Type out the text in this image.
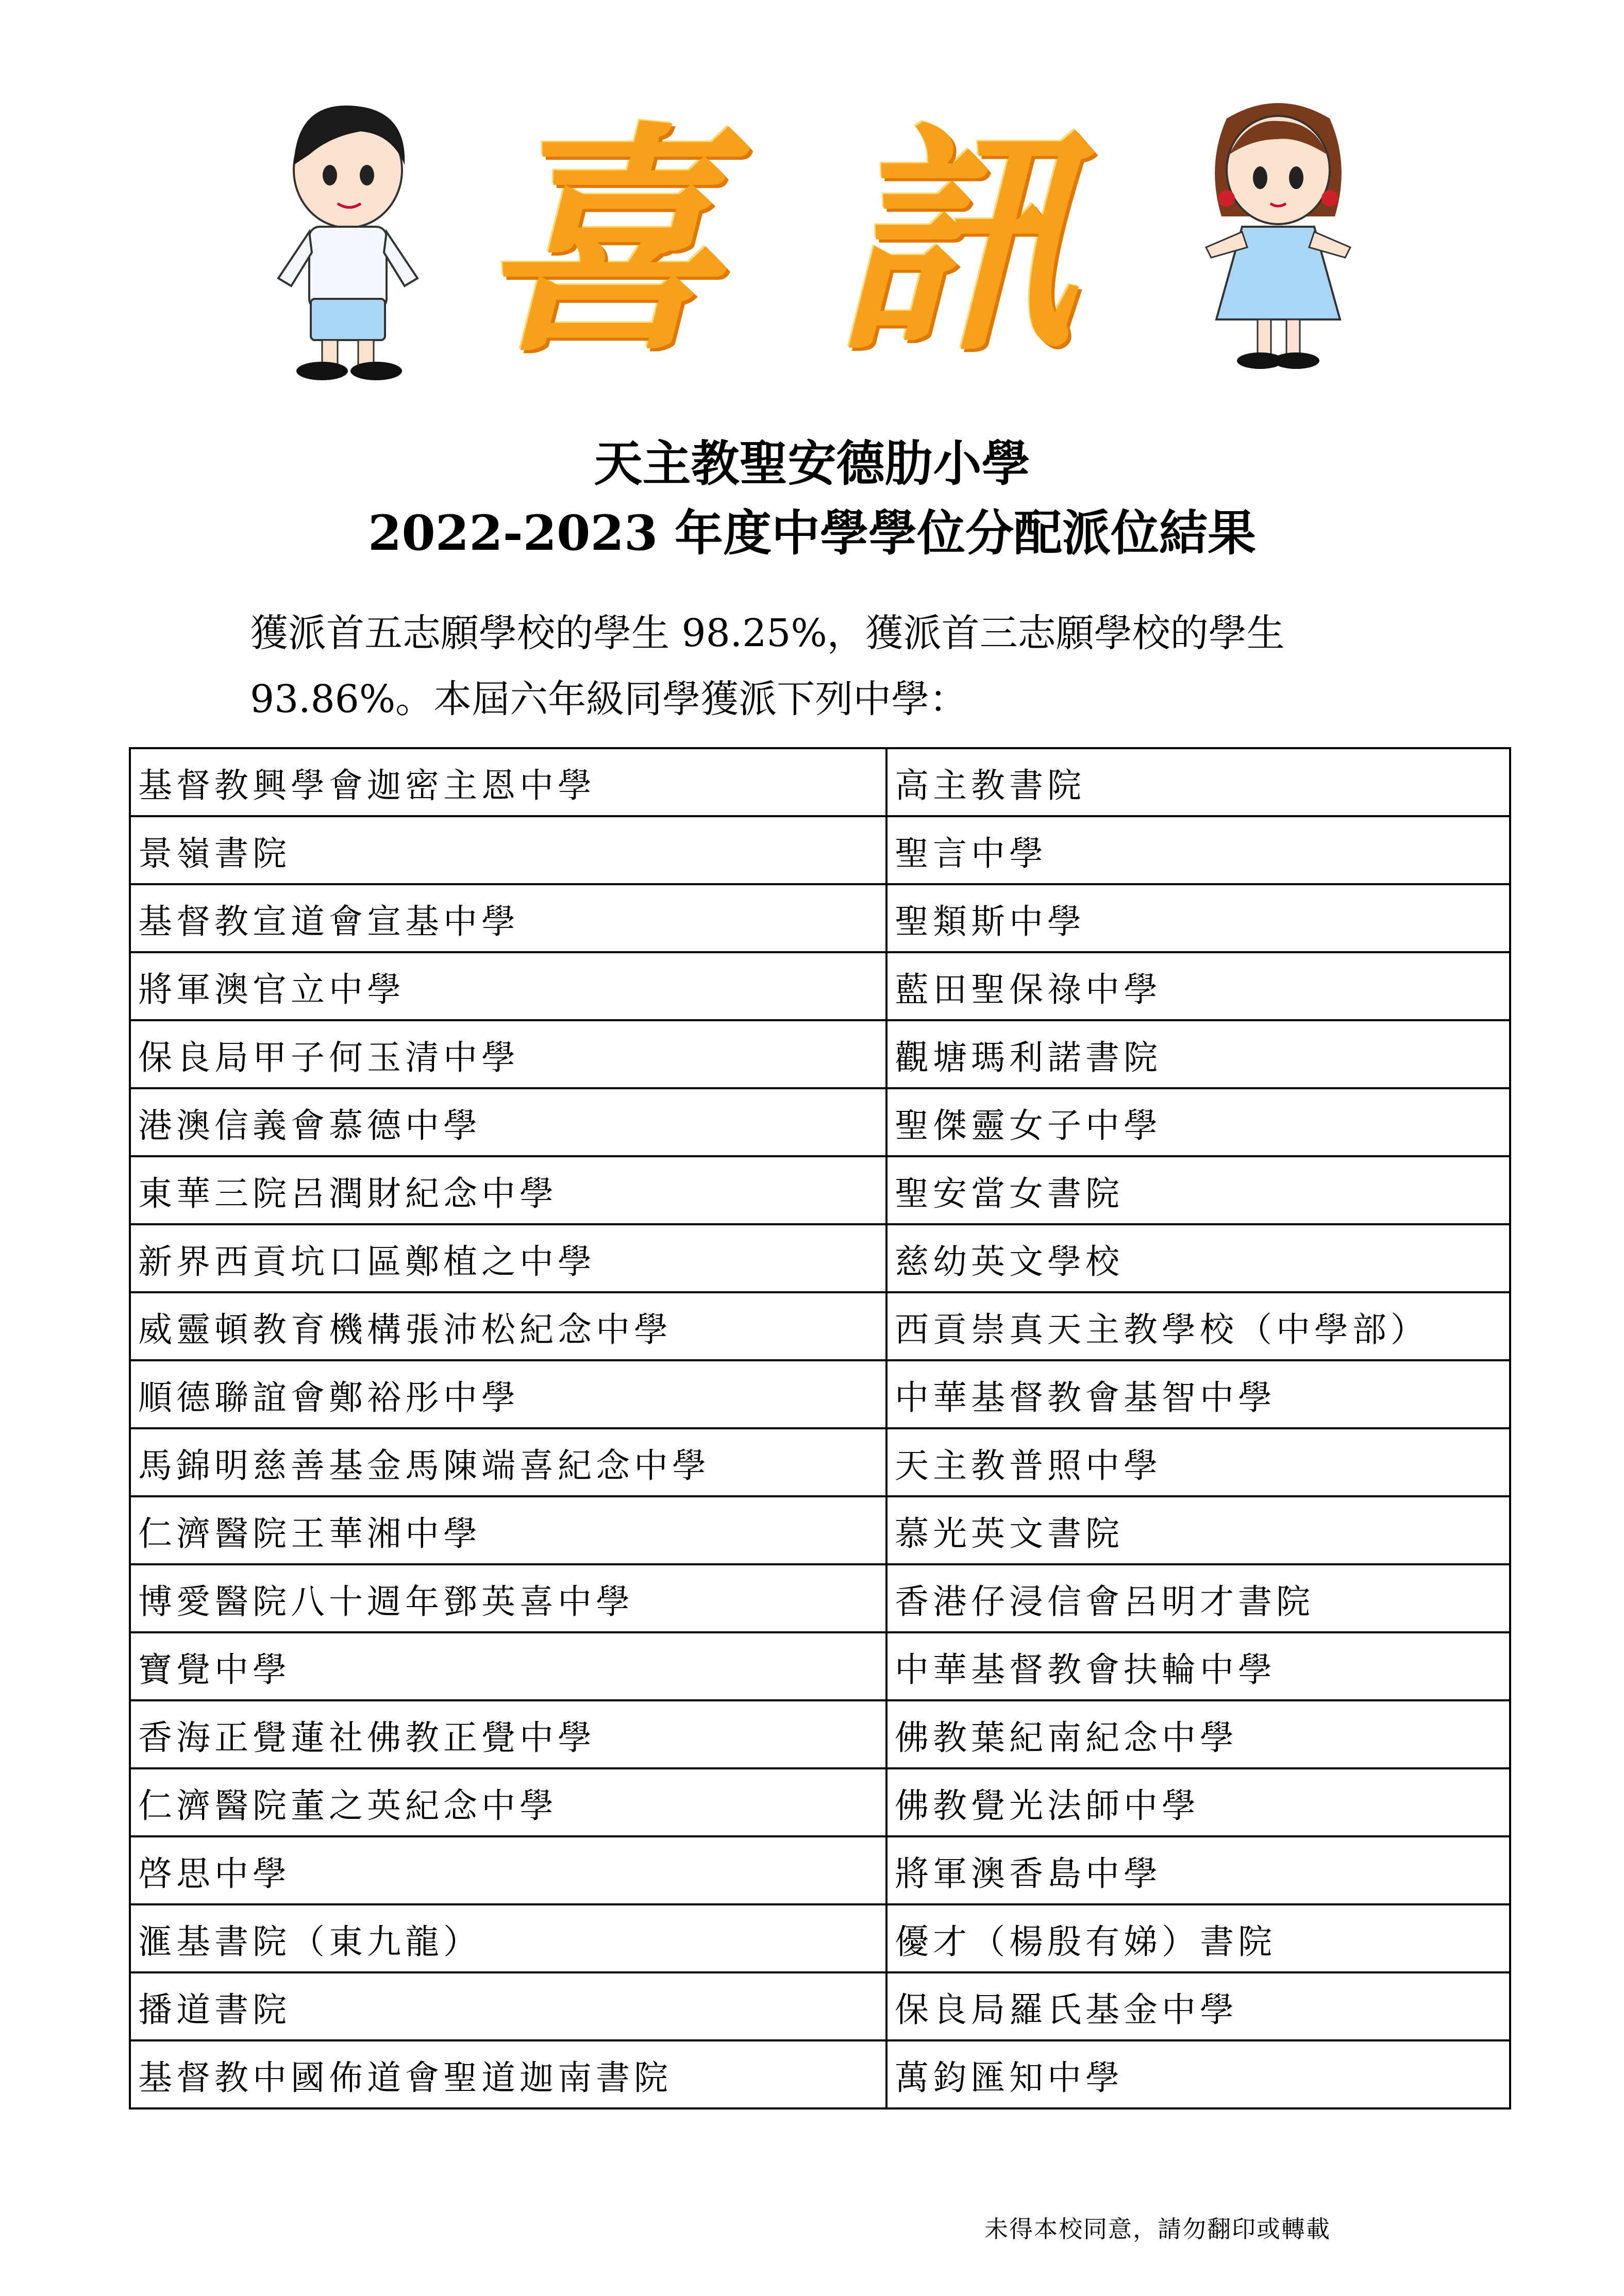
喜 訊
天主教聖安德肋小學
2022-2023 年度中學學位分配派位結果
獲派首五志願學校的學生 98.25%，獲派首三志願學校的學生
93.86%。本屆六年級同學獲派下列中學：
基督教興學會迦密主恩中學	高主教書院
景嶺書院	聖言中學
基督教宣道會宣基中學	聖類斯中學
將軍澳官立中學	藍田聖保祿中學
保良局甲子何玉清中學	觀塘瑪利諾書院
港澳信義會慕德中學	聖傑靈女子中學
東華三院呂潤財紀念中學	聖安當女書院
新界西貢坑口區鄭植之中學	慈幼英文學校
威靈頓教育機構張沛松紀念中學	西貢崇真天主教學校（中學部）
順德聯誼會鄭裕彤中學	中華基督教會基智中學
馬錦明慈善基金馬陳端喜紀念中學	天主教普照中學
仁濟醫院王華湘中學	慕光英文書院
博愛醫院八十週年鄧英喜中學	香港仔浸信會呂明才書院
寶覺中學	中華基督教會扶輪中學
香海正覺蓮社佛教正覺中學	佛教葉紀南紀念中學
仁濟醫院董之英紀念中學	佛教覺光法師中學
啓思中學	將軍澳香島中學
滙基書院（東九龍）	優才（楊殷有娣）書院
播道書院	保良局羅氏基金中學
基督教中國佈道會聖道迦南書院	萬鈞匯知中學
未得本校同意，請勿翻印或轉載
